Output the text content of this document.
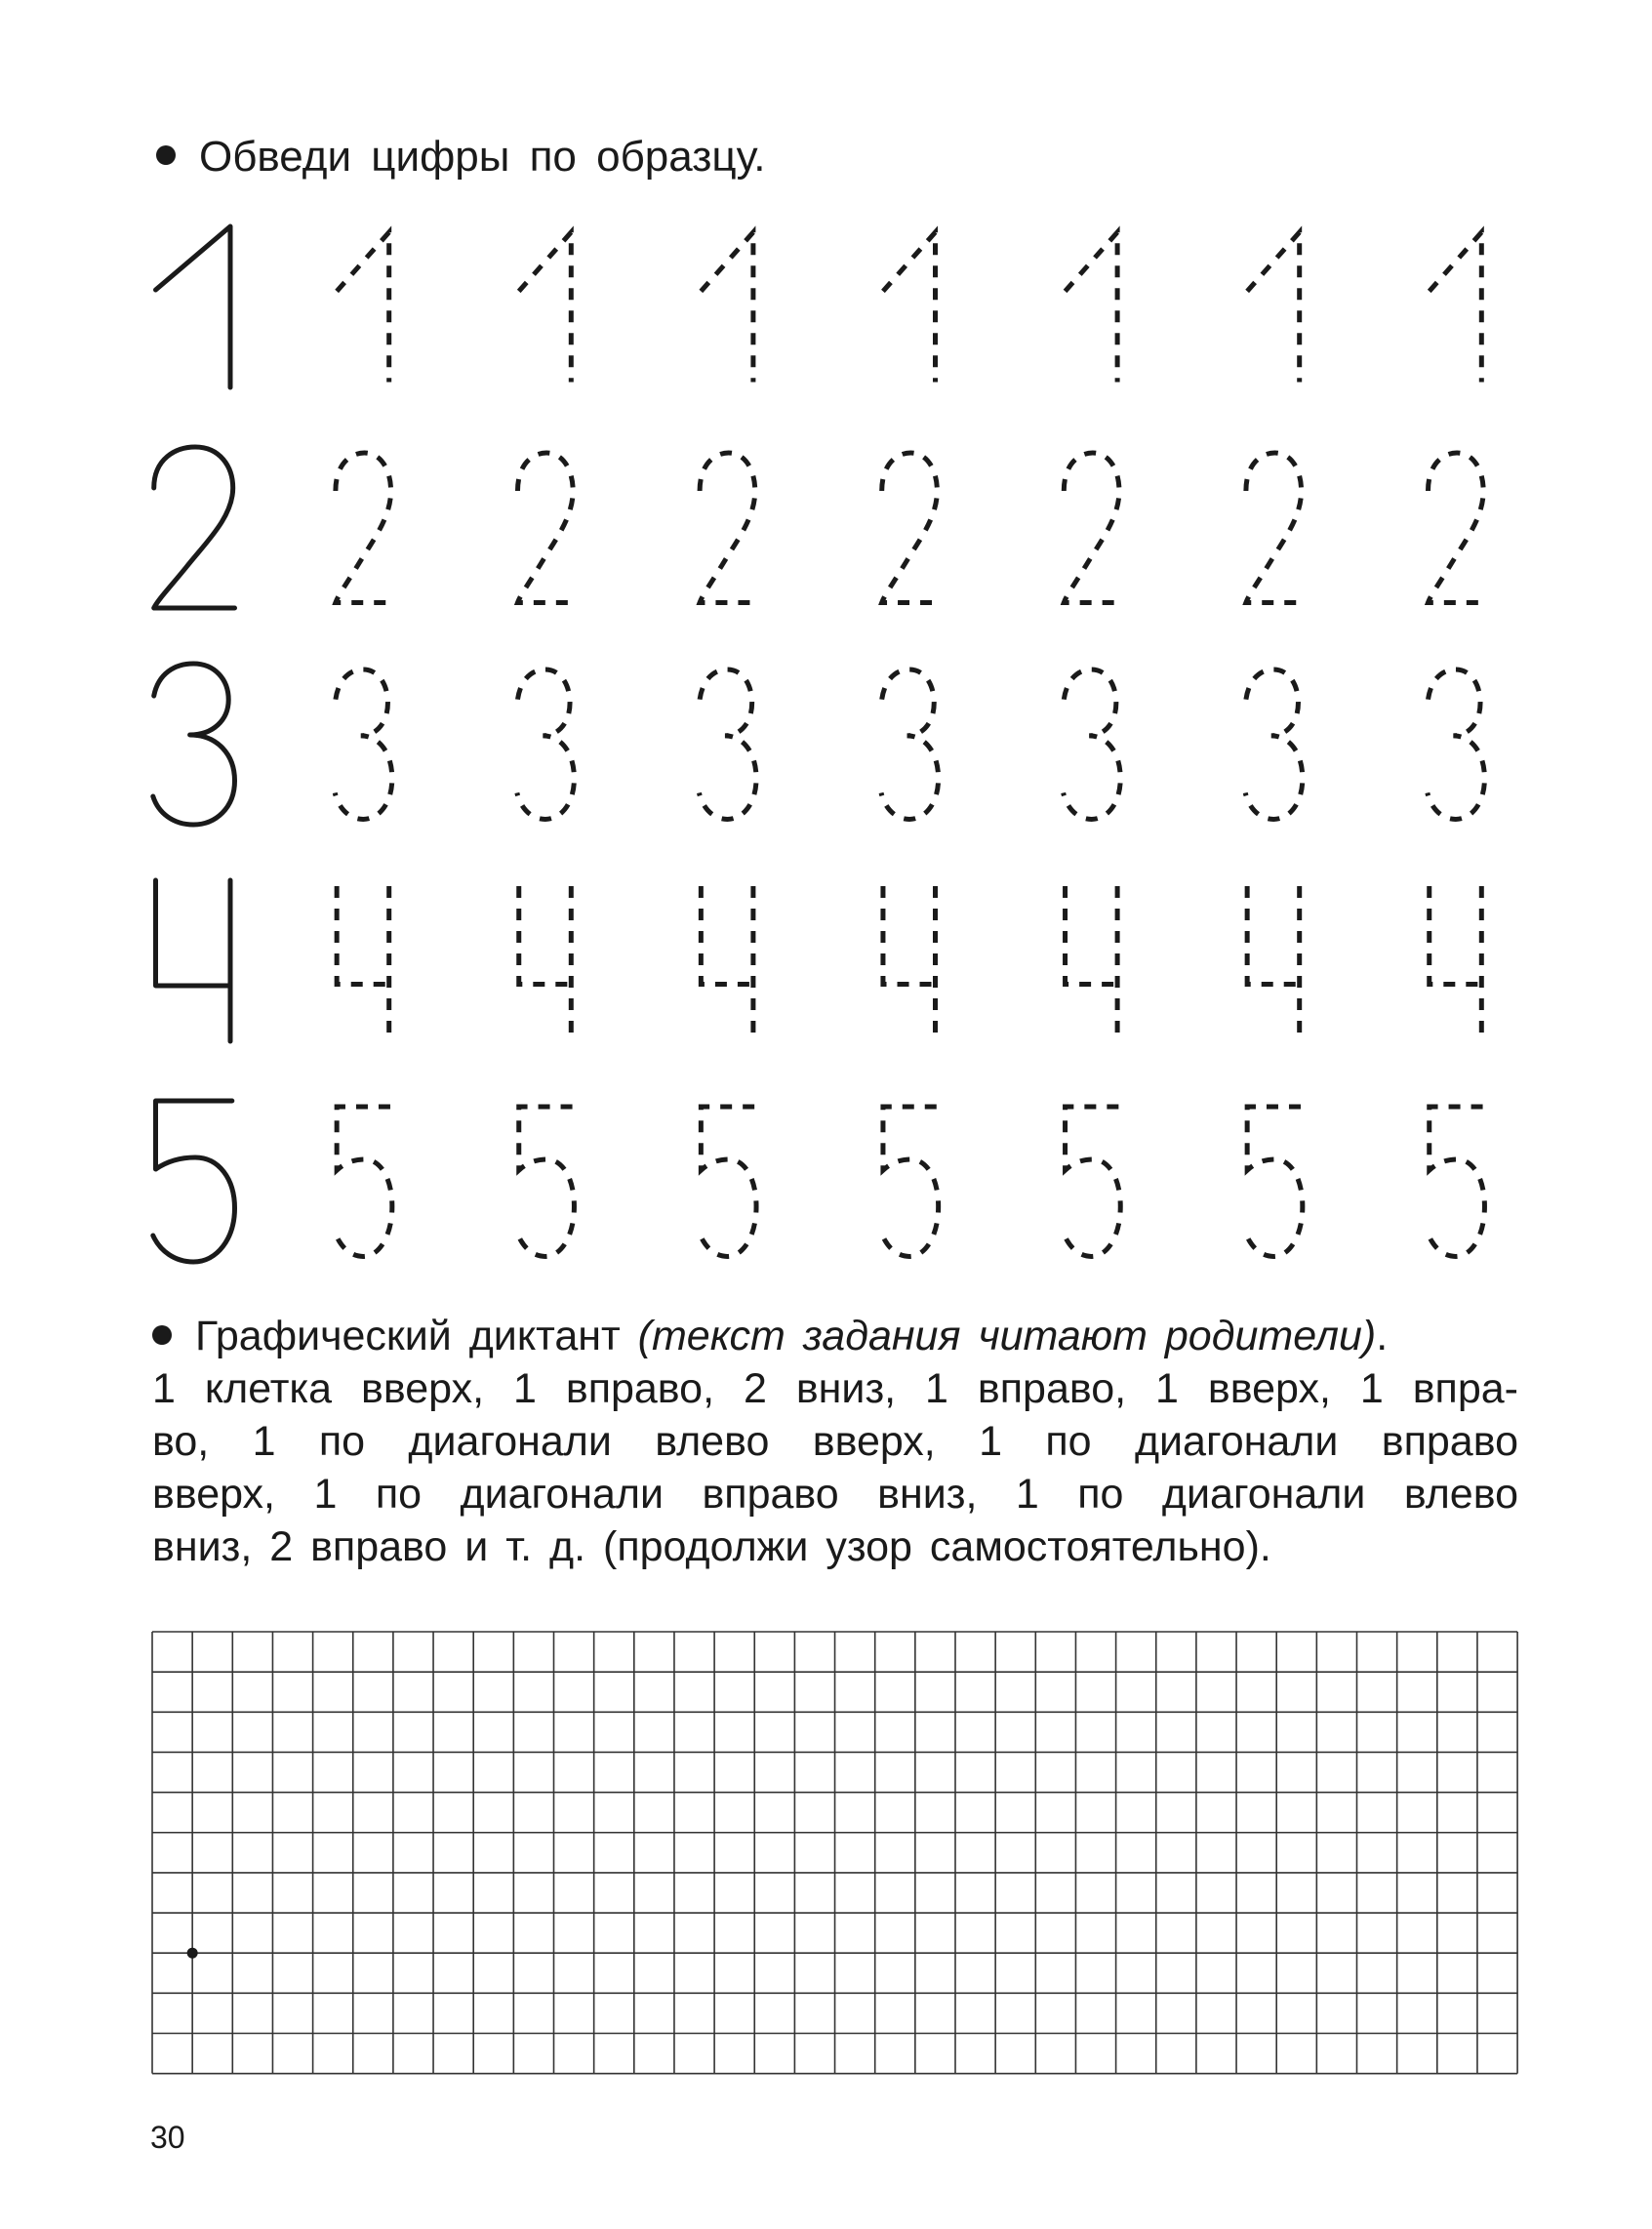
Обведи цифры по образцу.
Графический диктант (текст задания читают родители).
1 клетка вверх, 1 вправо, 2 вниз, 1 вправо, 1 вверх, 1 впра-
во, 1 по диагонали влево вверх, 1 по диагонали вправо
вверх, 1 по диагонали вправо вниз, 1 по диагонали влево
вниз, 2 вправо и т. д. (продолжи узор самостоятельно).
30
